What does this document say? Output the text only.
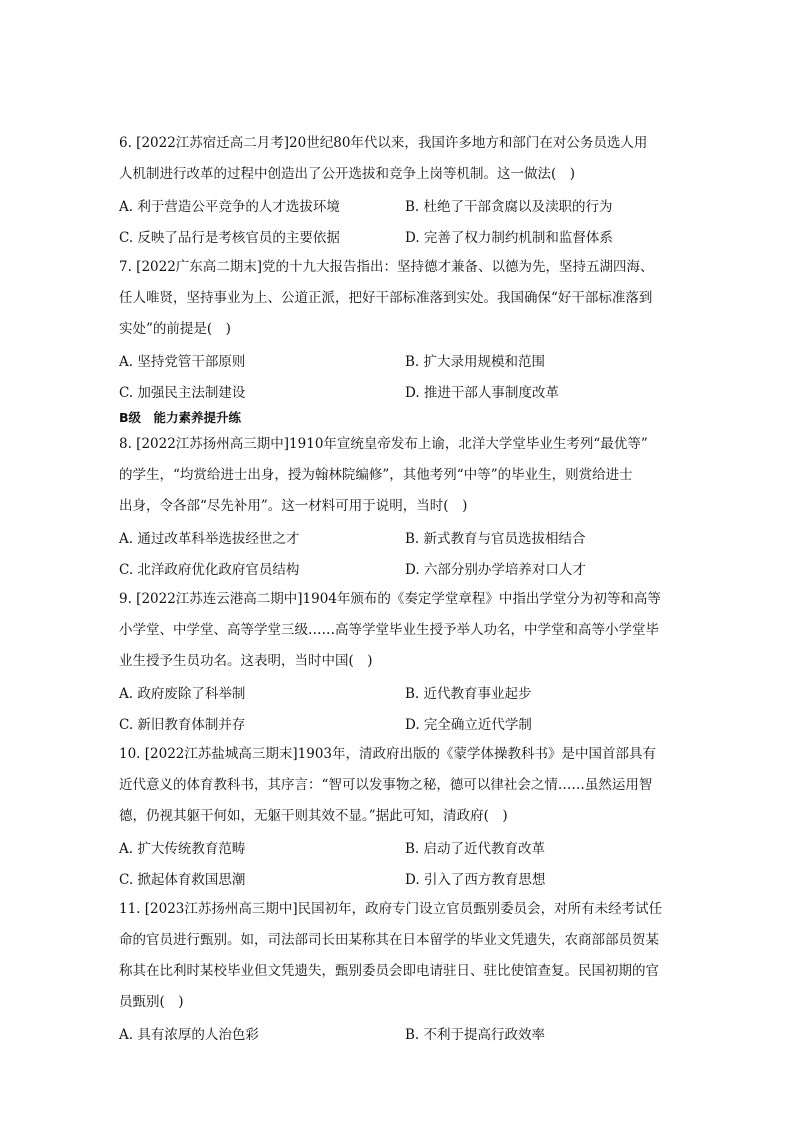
6. [2022江苏宿迁高二月考]20世纪80年代以来，我国许多地方和部门在对公务员选人用
人机制进行改革的过程中创造出了公开选拔和竞争上岗等机制。这一做法(　)
A. 利于营造公平竞争的人才选拔环境	B. 杜绝了干部贪腐以及渎职的行为
C. 反映了品行是考核官员的主要依据	D. 完善了权力制约机制和监督体系
7. [2022广东高二期末]党的十九大报告指出：坚持德才兼备、以德为先，坚持五湖四海、
任人唯贤，坚持事业为上、公道正派，把好干部标准落到实处。我国确保“好干部标准落到
实处”的前提是(　)
A. 坚持党管干部原则	B. 扩大录用规模和范围
C. 加强民主法制建设	D. 推进干部人事制度改革
B级　能力素养提升练
8. [2022江苏扬州高三期中]1910年宣统皇帝发布上谕，北洋大学堂毕业生考列“最优等”
的学生，“均赏给进士出身，授为翰林院编修”，其他考列“中等”的毕业生，则赏给进士
出身，令各部“尽先补用”。这一材料可用于说明，当时(　)
A. 通过改革科举选拔经世之才	B. 新式教育与官员选拔相结合
C. 北洋政府优化政府官员结构	D. 六部分别办学培养对口人才
9. [2022江苏连云港高二期中]1904年颁布的《奏定学堂章程》中指出学堂分为初等和高等
小学堂、中学堂、高等学堂三级……高等学堂毕业生授予举人功名，中学堂和高等小学堂毕
业生授予生员功名。这表明，当时中国(　)
A. 政府废除了科举制	B. 近代教育事业起步
C. 新旧教育体制并存	D. 完全确立近代学制
10. [2022江苏盐城高三期末]1903年，清政府出版的《蒙学体操教科书》是中国首部具有
近代意义的体育教科书，其序言：“智可以发事物之秘，德可以律社会之情……虽然运用智
德，仍视其躯干何如，无躯干则其效不显。”据此可知，清政府(　)
A. 扩大传统教育范畴	B. 启动了近代教育改革
C. 掀起体育救国思潮	D. 引入了西方教育思想
11. [2023江苏扬州高三期中]民国初年，政府专门设立官员甄别委员会，对所有未经考试任
命的官员进行甄别。如，司法部司长田某称其在日本留学的毕业文凭遗失，农商部部员贺某
称其在比利时某校毕业但文凭遗失，甄别委员会即电请驻日、驻比使馆查复。民国初期的官
员甄别(　)
A. 具有浓厚的人治色彩	B. 不利于提高行政效率
